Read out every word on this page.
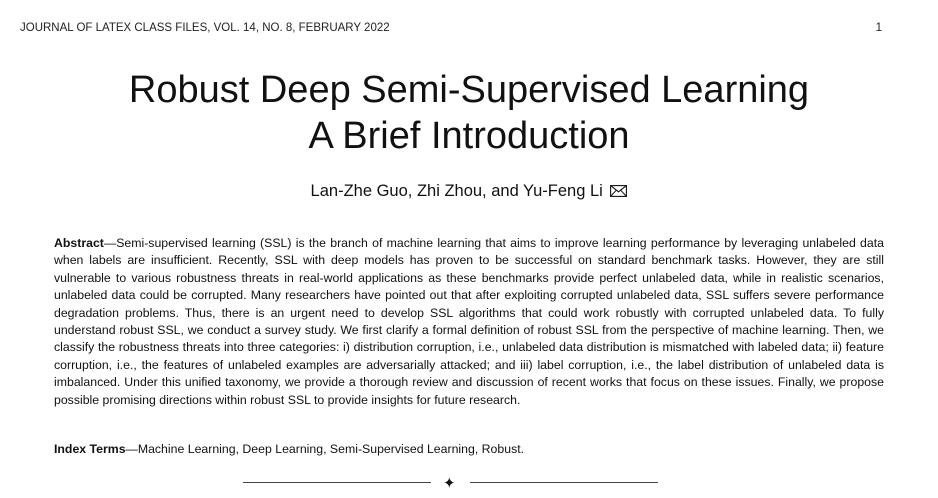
JOURNAL OF LATEX CLASS FILES, VOL. 14, NO. 8, FEBRUARY 2022	1
Robust Deep Semi-Supervised Learning
A Brief Introduction
Lan-Zhe Guo, Zhi Zhou, and Yu-Feng Li
Abstract—Semi-supervised learning (SSL) is the branch of machine learning that aims to improve learning performance by leveraging unlabeled data when labels are insufficient. Recently, SSL with deep models has proven to be successful on standard benchmark tasks. However, they are still vulnerable to various robustness threats in real-world applications as these benchmarks provide perfect unlabeled data, while in realistic scenarios, unlabeled data could be corrupted. Many researchers have pointed out that after exploiting corrupted unlabeled data, SSL suffers severe performance degradation problems. Thus, there is an urgent need to develop SSL algorithms that could work robustly with corrupted unlabeled data. To fully understand robust SSL, we conduct a survey study. We first clarify a formal definition of robust SSL from the perspective of machine learning. Then, we classify the robustness threats into three categories: i) distribution corruption, i.e., unlabeled data distribution is mismatched with labeled data; ii) feature corruption, i.e., the features of unlabeled examples are adversarially attacked; and iii) label corruption, i.e., the label distribution of unlabeled data is imbalanced. Under this unified taxonomy, we provide a thorough review and discussion of recent works that focus on these issues. Finally, we propose possible promising directions within robust SSL to provide insights for future research.
Index Terms—Machine Learning, Deep Learning, Semi-Supervised Learning, Robust.
✦
